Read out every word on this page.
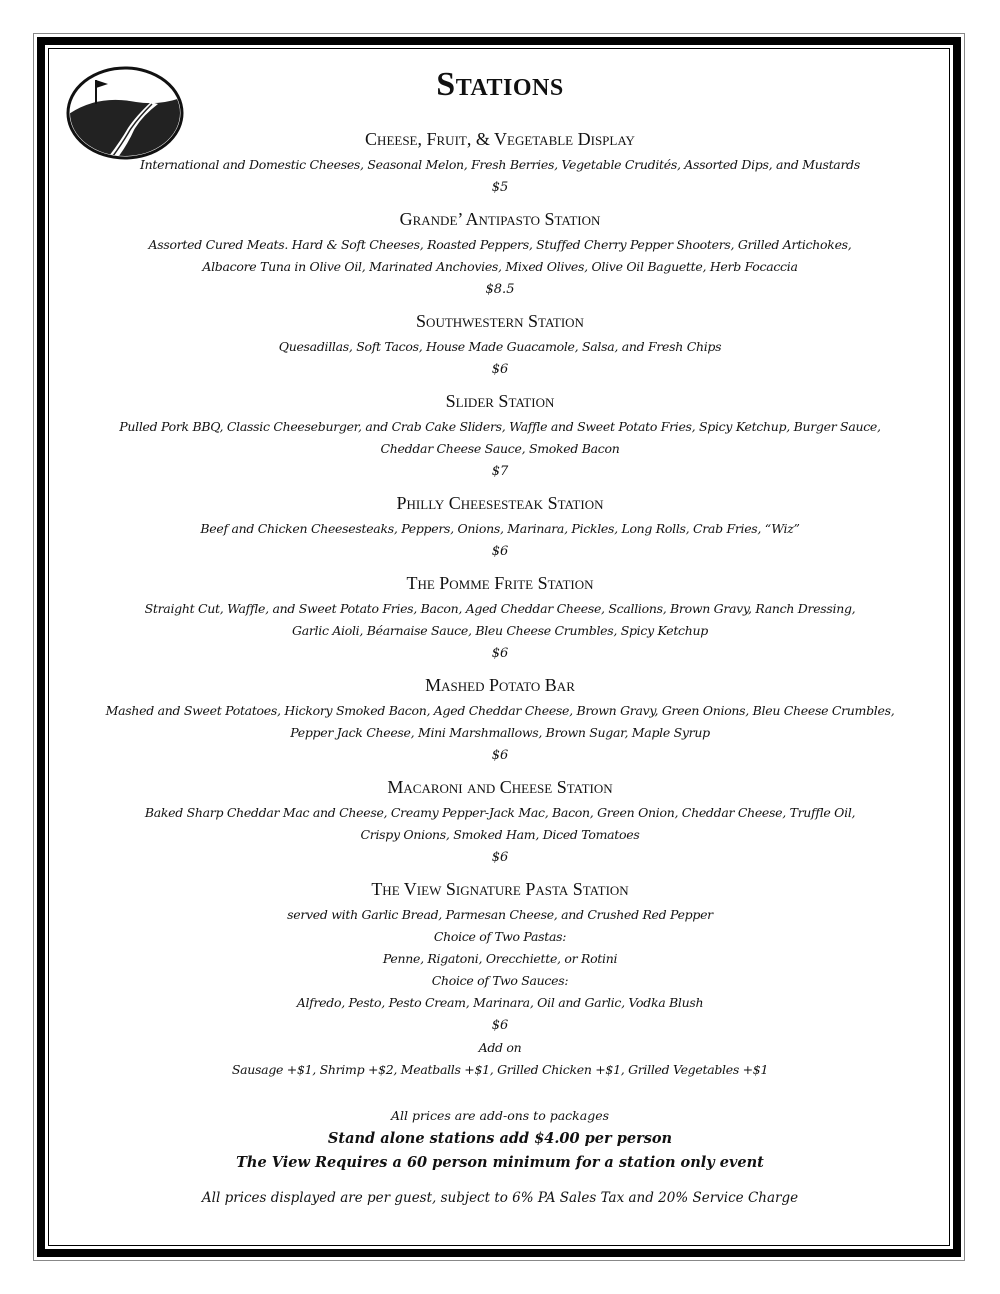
Stations

Cheese, Fruit, & Vegetable Display

International and Domestic Cheeses, Seasonal Melon, Fresh Berries, Vegetable Crudités, Assorted Dips, and Mustards

$5

Grande’ Antipasto Station

Assorted Cured Meats. Hard & Soft Cheeses, Roasted Peppers, Stuffed Cherry Pepper Shooters, Grilled Artichokes,

Albacore Tuna in Olive Oil, Marinated Anchovies, Mixed Olives, Olive Oil Baguette, Herb Focaccia

$8.5

Southwestern Station

Quesadillas, Soft Tacos, House Made Guacamole, Salsa, and Fresh Chips

$6

Slider Station

Pulled Pork BBQ, Classic Cheeseburger, and Crab Cake Sliders, Waffle and Sweet Potato Fries, Spicy Ketchup, Burger Sauce,

Cheddar Cheese Sauce, Smoked Bacon

$7

Philly Cheesesteak Station

Beef and Chicken Cheesesteaks, Peppers, Onions, Marinara, Pickles, Long Rolls, Crab Fries, “Wiz”

$6

The Pomme Frite Station

Straight Cut, Waffle, and Sweet Potato Fries, Bacon, Aged Cheddar Cheese, Scallions, Brown Gravy, Ranch Dressing,

Garlic Aioli, Béarnaise Sauce, Bleu Cheese Crumbles, Spicy Ketchup

$6

Mashed Potato Bar

Mashed and Sweet Potatoes, Hickory Smoked Bacon, Aged Cheddar Cheese, Brown Gravy, Green Onions, Bleu Cheese Crumbles,

Pepper Jack Cheese, Mini Marshmallows, Brown Sugar, Maple Syrup

$6

Macaroni and Cheese Station

Baked Sharp Cheddar Mac and Cheese, Creamy Pepper-Jack Mac, Bacon, Green Onion, Cheddar Cheese, Truffle Oil,

Crispy Onions, Smoked Ham, Diced Tomatoes

$6

The View Signature Pasta Station

served with Garlic Bread, Parmesan Cheese, and Crushed Red Pepper

Choice of Two Pastas:

Penne, Rigatoni, Orecchiette, or Rotini

Choice of Two Sauces:

Alfredo, Pesto, Pesto Cream, Marinara, Oil and Garlic, Vodka Blush

$6

Add on

Sausage +$1, Shrimp +$2, Meatballs +$1, Grilled Chicken +$1, Grilled Vegetables +$1

All prices are add-ons to packages
Stand alone stations add $4.00 per person
The View Requires a 60 person minimum for a station only event
All prices displayed are per guest, subject to 6% PA Sales Tax and 20% Service Charge
